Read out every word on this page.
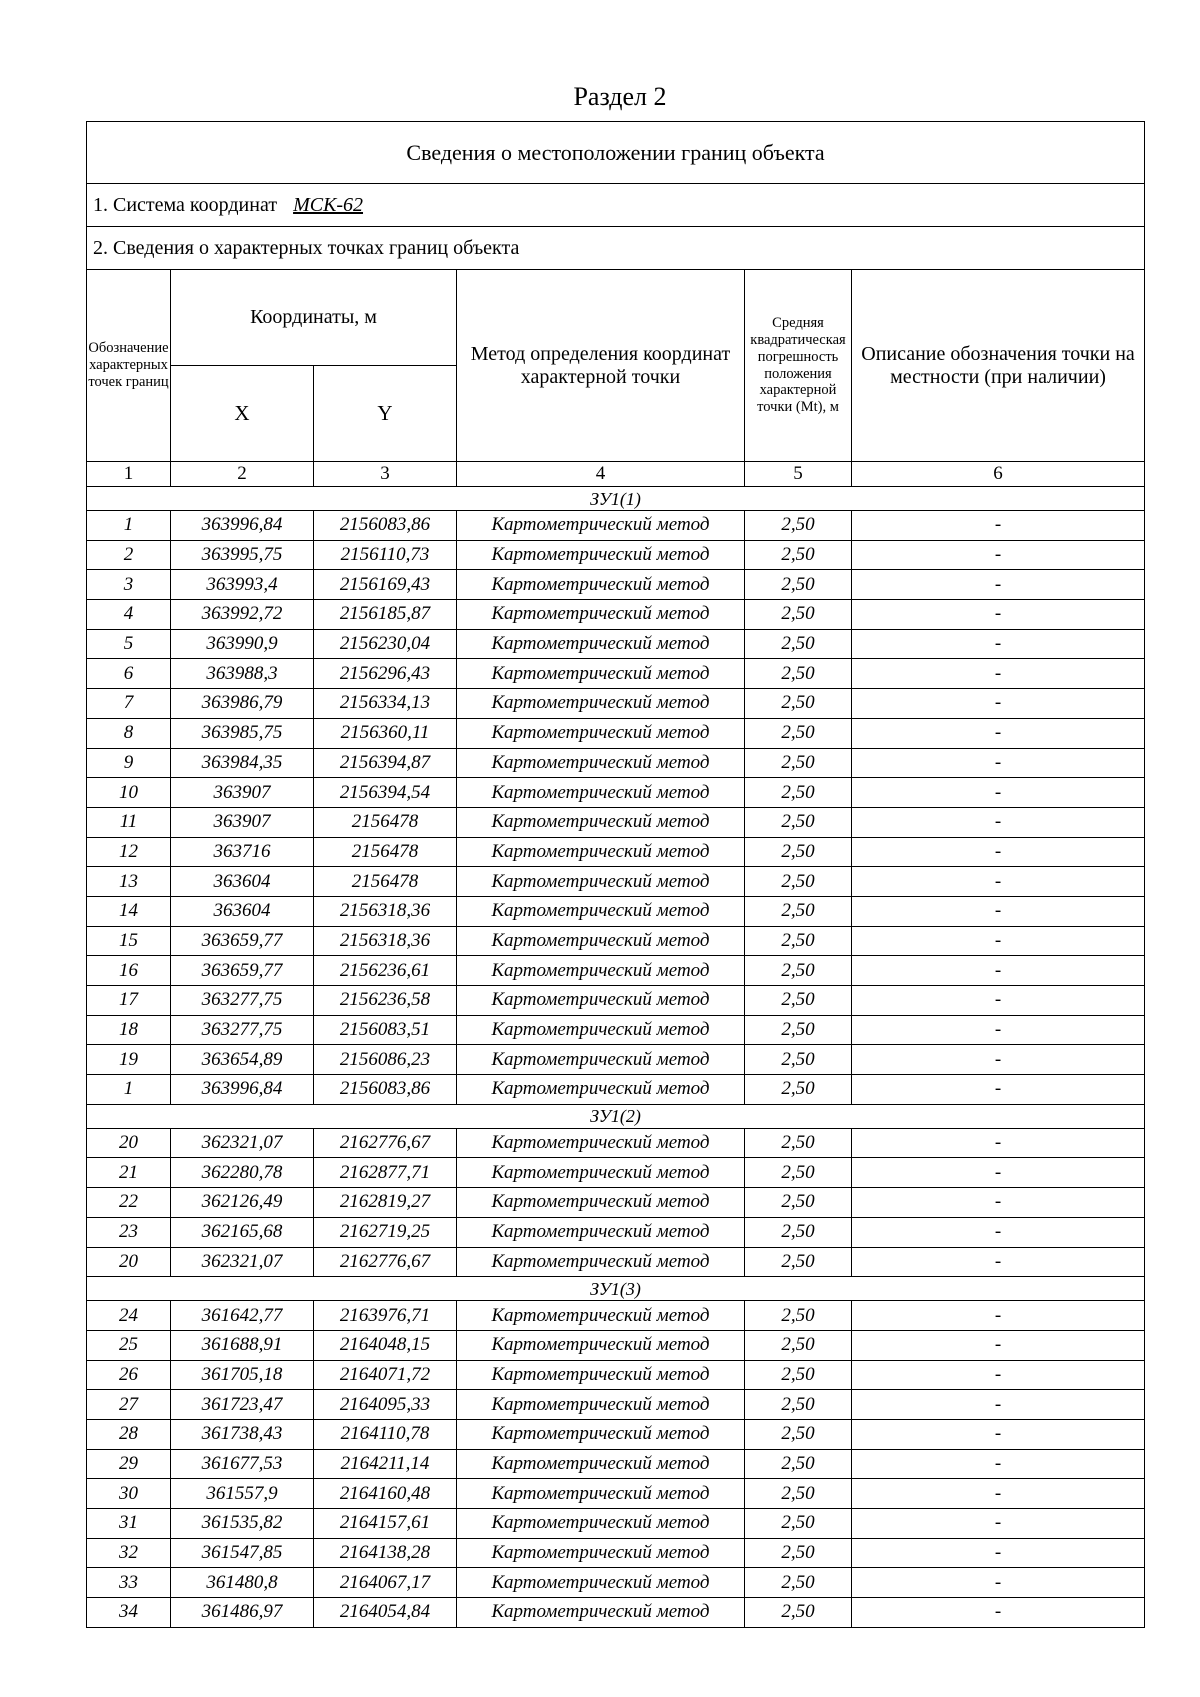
Раздел 2
Сведения о местоположении границ объекта					
1. Система координат МСК-62					
2. Сведения о характерных точках границ объекта					
Обозначение характерных точек границ	Координаты, м		Метод определения координат характерной точки	Средняя квадратическая погрешность положения характерной точки (Mt), м	Описание обозначения точки на местности (при наличии)
	X	Y			
1	2	3	4	5	6
ЗУ1(1)					
1	363996,84	2156083,86	Картометрический метод	2,50	-
2	363995,75	2156110,73	Картометрический метод	2,50	-
3	363993,4	2156169,43	Картометрический метод	2,50	-
4	363992,72	2156185,87	Картометрический метод	2,50	-
5	363990,9	2156230,04	Картометрический метод	2,50	-
6	363988,3	2156296,43	Картометрический метод	2,50	-
7	363986,79	2156334,13	Картометрический метод	2,50	-
8	363985,75	2156360,11	Картометрический метод	2,50	-
9	363984,35	2156394,87	Картометрический метод	2,50	-
10	363907	2156394,54	Картометрический метод	2,50	-
11	363907	2156478	Картометрический метод	2,50	-
12	363716	2156478	Картометрический метод	2,50	-
13	363604	2156478	Картометрический метод	2,50	-
14	363604	2156318,36	Картометрический метод	2,50	-
15	363659,77	2156318,36	Картометрический метод	2,50	-
16	363659,77	2156236,61	Картометрический метод	2,50	-
17	363277,75	2156236,58	Картометрический метод	2,50	-
18	363277,75	2156083,51	Картометрический метод	2,50	-
19	363654,89	2156086,23	Картометрический метод	2,50	-
1	363996,84	2156083,86	Картометрический метод	2,50	-
ЗУ1(2)					
20	362321,07	2162776,67	Картометрический метод	2,50	-
21	362280,78	2162877,71	Картометрический метод	2,50	-
22	362126,49	2162819,27	Картометрический метод	2,50	-
23	362165,68	2162719,25	Картометрический метод	2,50	-
20	362321,07	2162776,67	Картометрический метод	2,50	-
ЗУ1(3)					
24	361642,77	2163976,71	Картометрический метод	2,50	-
25	361688,91	2164048,15	Картометрический метод	2,50	-
26	361705,18	2164071,72	Картометрический метод	2,50	-
27	361723,47	2164095,33	Картометрический метод	2,50	-
28	361738,43	2164110,78	Картометрический метод	2,50	-
29	361677,53	2164211,14	Картометрический метод	2,50	-
30	361557,9	2164160,48	Картометрический метод	2,50	-
31	361535,82	2164157,61	Картометрический метод	2,50	-
32	361547,85	2164138,28	Картометрический метод	2,50	-
33	361480,8	2164067,17	Картометрический метод	2,50	-
34	361486,97	2164054,84	Картометрический метод	2,50	-
